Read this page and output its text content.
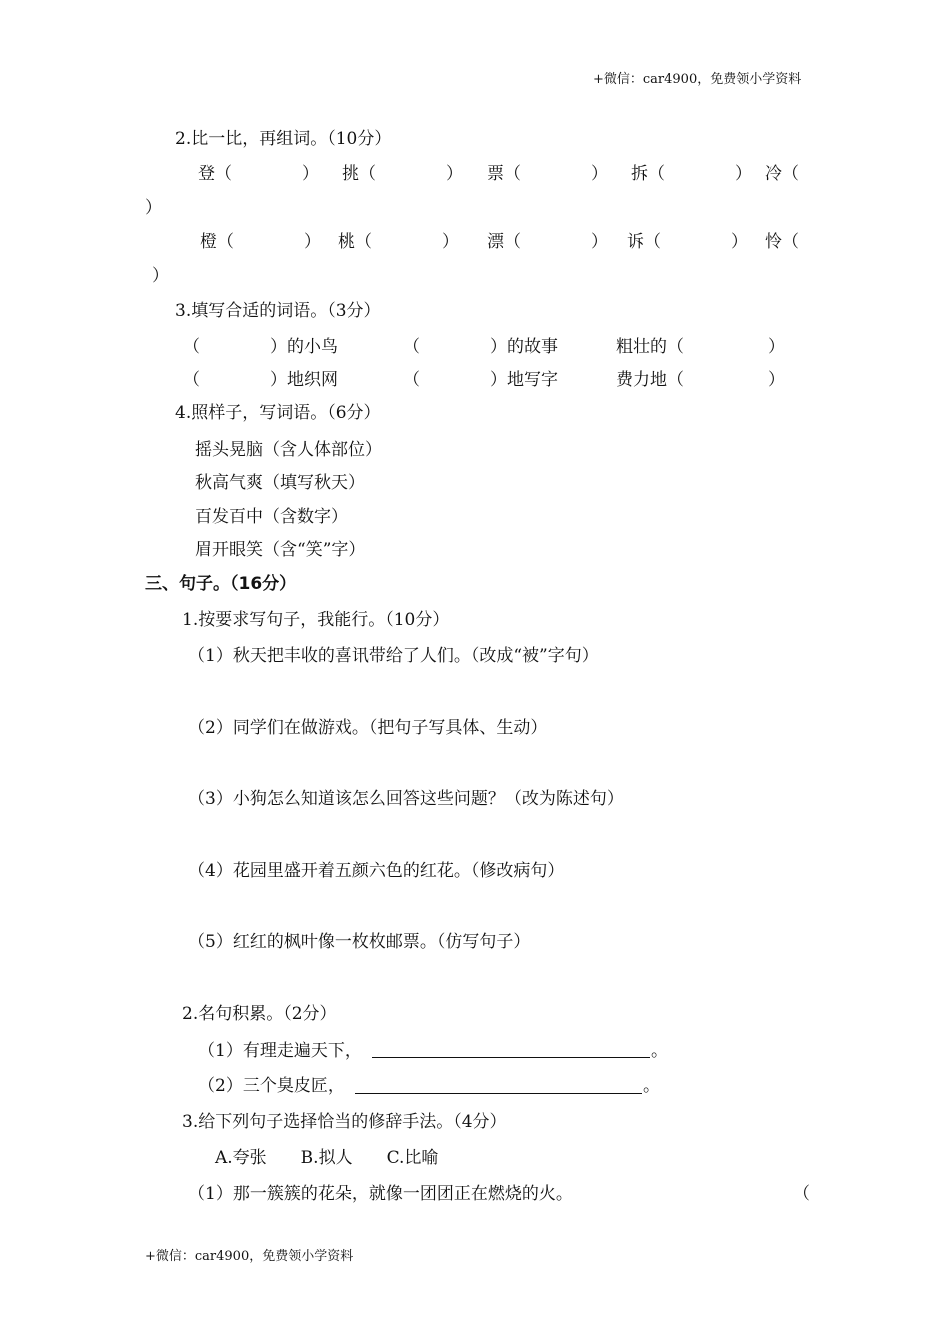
+微信：car4900，免费领小学资料
2.比一比，再组词。（10分）
登（	） 挑（	） 票（	） 拆（	） 冷（
）
橙（	） 桃（	） 漂（	） 诉（	） 怜（
）
3.填写合适的词语。（3分）
（	）的小鸟	（	）的故事	粗壮的（	）
（	）地织网	（	）地写字	费力地（	）
4.照样子，写词语。（6分）
摇头晃脑（含人体部位）
秋高气爽（填写秋天）
百发百中（含数字）
眉开眼笑（含“笑”字）
三、句子。（16分）
1.按要求写句子，我能行。（10分）
（1）秋天把丰收的喜讯带给了人们。（改成“被”字句）
（2）同学们在做游戏。（把句子写具体、生动）
（3）小狗怎么知道该怎么回答这些问题？（改为陈述句）
（4）花园里盛开着五颜六色的红花。（修改病句）
（5）红红的枫叶像一枚枚邮票。（仿写句子）
2.名句积累。（2分）
（1）有理走遍天下，	。
（2）三个臭皮匠，	。
3.给下列句子选择恰当的修辞手法。（4分）
A.夸张　　B.拟人　　C.比喻
（1）那一簇簇的花朵，就像一团团正在燃烧的火。	（
+微信：car4900，免费领小学资料
